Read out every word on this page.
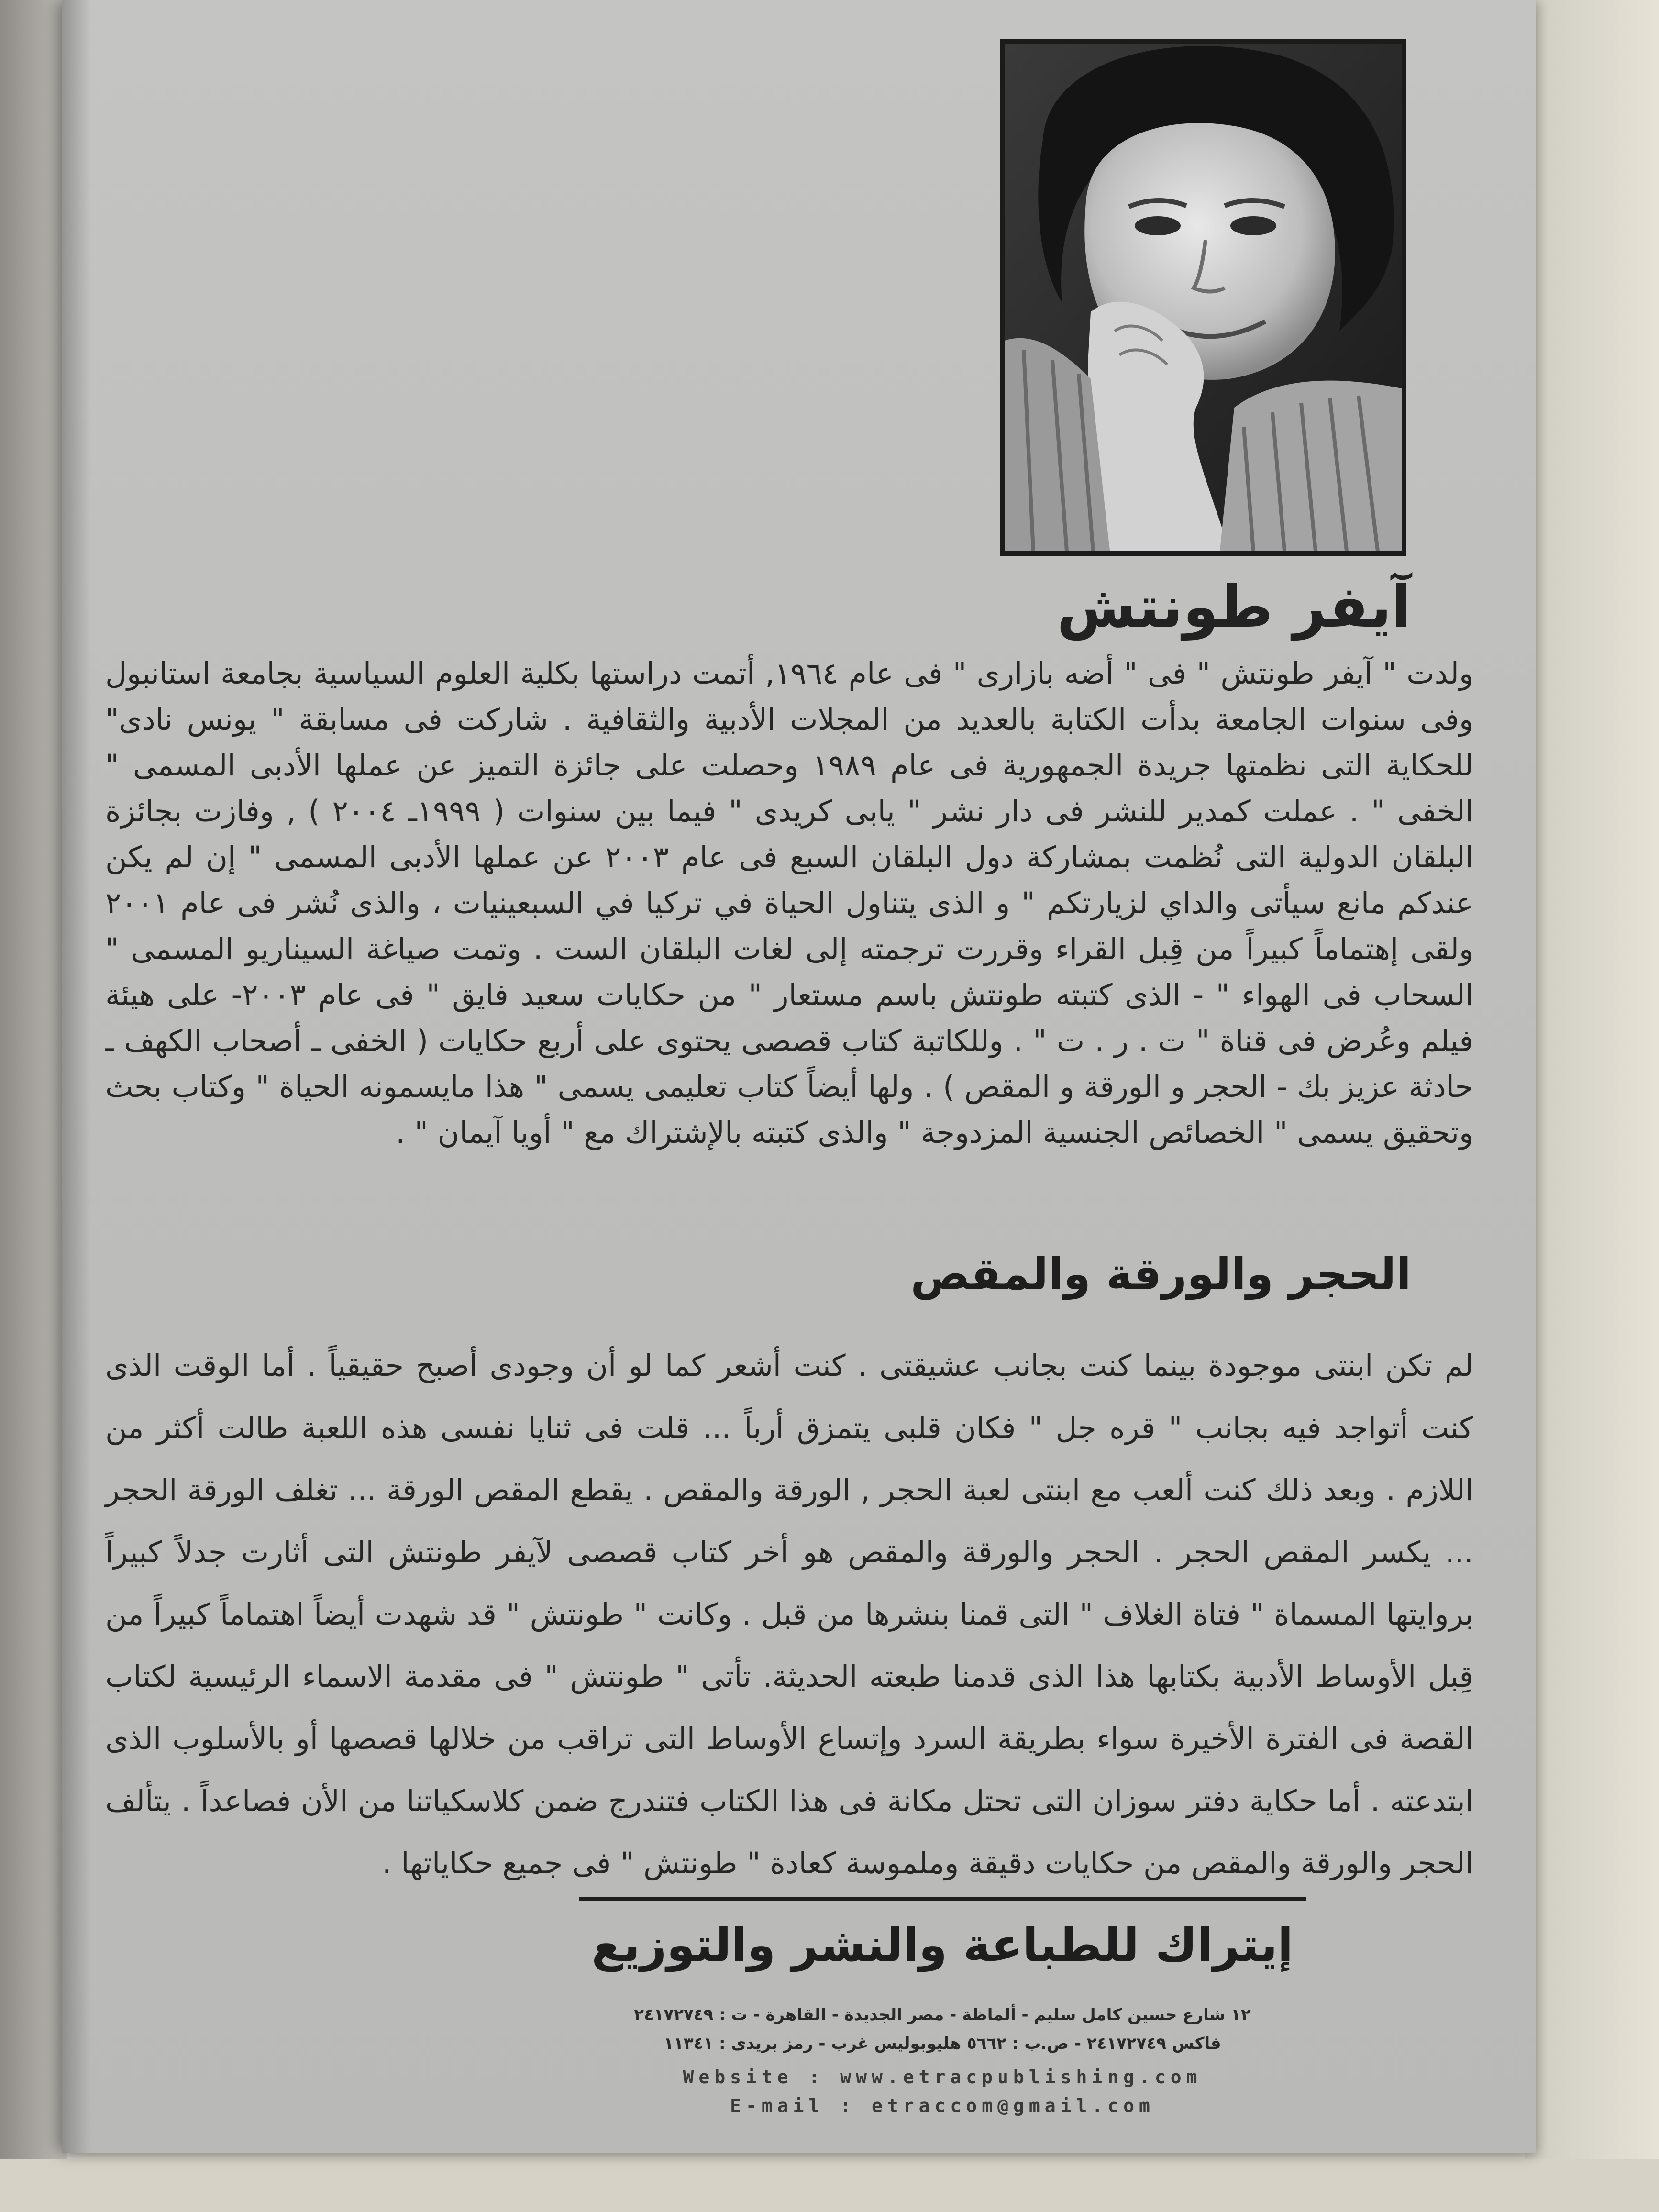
آيفر طونتش
ولدت " آيفر طونتش " فى " أضه بازارى " فى عام ١٩٦٤, أتمت دراستها بكلية العلوم السياسية بجامعة استانبول وفى سنوات الجامعة بدأت الكتابة بالعديد من المجلات الأدبية والثقافية . شاركت فى مسابقة " يونس نادى" للحكاية التى نظمتها جريدة الجمهورية فى عام ١٩٨٩ وحصلت على جائزة التميز عن عملها الأدبى المسمى " الخفى " . عملت كمدير للنشر فى دار نشر " يابى كريدى " فيما بين سنوات ( ١٩٩٩ـ ٢٠٠٤ ) , وفازت بجائزة البلقان الدولية التى نُظمت بمشاركة دول البلقان السبع فى عام ٢٠٠٣ عن عملها الأدبى المسمى " إن لم يكن عندكم مانع سيأتى والداي لزيارتكم " و الذى يتناول الحياة في تركيا في السبعينيات ، والذى نُشر فى عام ٢٠٠١ ولقى إهتماماً كبيراً من قِبل القراء وقررت ترجمته إلى لغات البلقان الست . وتمت صياغة السيناريو المسمى " السحاب فى الهواء " - الذى كتبته طونتش باسم مستعار " من حكايات سعيد فايق " فى عام ٢٠٠٣- على هيئة فيلم وعُرض فى قناة " ت . ر . ت " . وللكاتبة كتاب قصصى يحتوى على أربع حكايات ( الخفى ـ أصحاب الكهف ـ حادثة عزيز بك - الحجر و الورقة و المقص ) . ولها أيضاً كتاب تعليمى يسمى " هذا مايسمونه الحياة " وكتاب بحث وتحقيق يسمى " الخصائص الجنسية المزدوجة " والذى كتبته بالإشتراك مع " أويا آيمان " .
الحجر والورقة والمقص
لم تكن ابنتى موجودة بينما كنت بجانب عشيقتى . كنت أشعر كما لو أن وجودى أصبح حقيقياً . أما الوقت الذى كنت أتواجد فيه بجانب " قره جل " فكان قلبى يتمزق أرباً ... قلت فى ثنايا نفسى هذه اللعبة طالت أكثر من اللازم . وبعد ذلك كنت ألعب مع ابنتى لعبة الحجر , الورقة والمقص . يقطع المقص الورقة ... تغلف الورقة الحجر ... يكسر المقص الحجر . الحجر والورقة والمقص هو أخر كتاب قصصى لآيفر طونتش التى أثارت جدلاً كبيراً بروايتها المسماة " فتاة الغلاف " التى قمنا بنشرها من قبل . وكانت " طونتش " قد شهدت أيضاً اهتماماً كبيراً من قِبل الأوساط الأدبية بكتابها هذا الذى قدمنا طبعته الحديثة. تأتى " طونتش " فى مقدمة الاسماء الرئيسية لكتاب القصة فى الفترة الأخيرة سواء بطريقة السرد وإتساع الأوساط التى تراقب من خلالها قصصها أو بالأسلوب الذى ابتدعته . أما حكاية دفتر سوزان التى تحتل مكانة فى هذا الكتاب فتندرج ضمن كلاسكياتنا من الأن فصاعداً . يتألف الحجر والورقة والمقص من حكايات دقيقة وملموسة كعادة " طونتش " فى جميع حكاياتها .
إيتراك للطباعة والنشر والتوزيع
١٢ شارع حسين كامل سليم - ألماظة - مصر الجديدة - القاهرة - ت : ٢٤١٧٢٧٤٩
فاكس ٢٤١٧٢٧٤٩ - ص.ب : ٥٦٦٢ هليوبوليس غرب - رمز بريدى : ١١٣٤١
Website : www.etracpublishing.com
E-mail : etraccom@gmail.com
